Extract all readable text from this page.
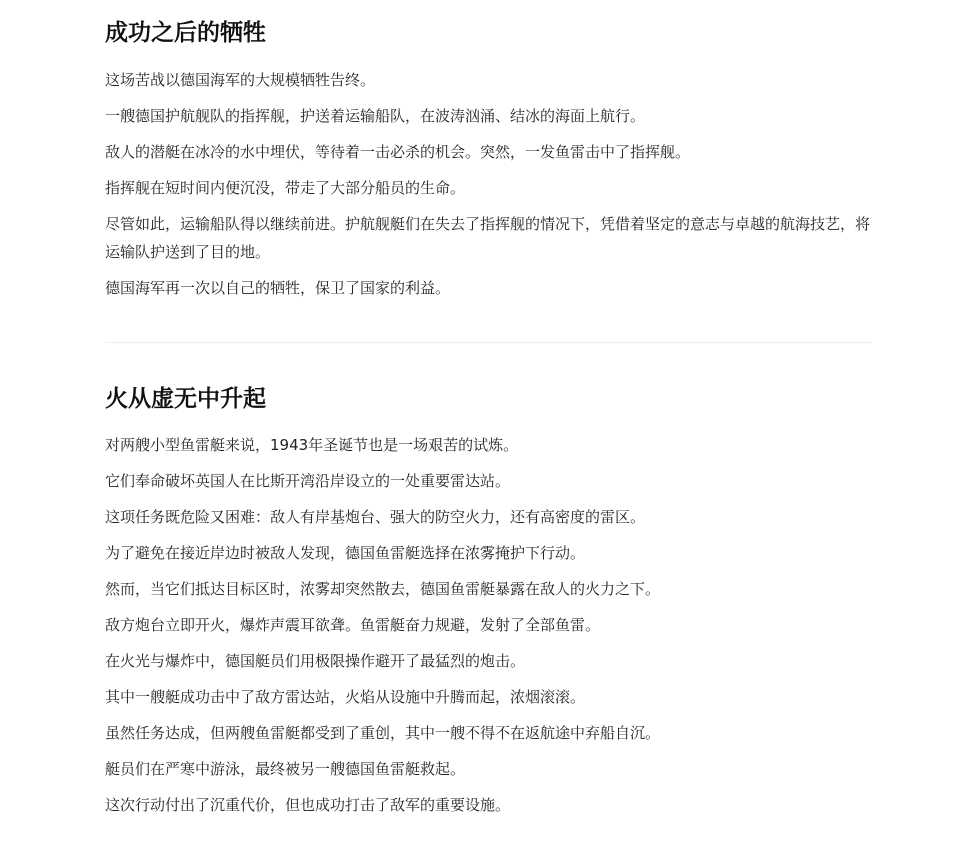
成功之后的牺牲

这场苦战以德国海军的大规模牺牲告终。

一艘德国护航舰队的指挥舰，护送着运输船队，在波涛汹涌、结冰的海面上航行。

敌人的潜艇在冰冷的水中埋伏，等待着一击必杀的机会。突然，一发鱼雷击中了指挥舰。

指挥舰在短时间内便沉没，带走了大部分船员的生命。

尽管如此，运输船队得以继续前进。护航舰艇们在失去了指挥舰的情况下，凭借着坚定的意志与卓越的航海技艺，将运输队护送到了目的地。

德国海军再一次以自己的牺牲，保卫了国家的利益。

火从虚无中升起

对两艘小型鱼雷艇来说，1943年圣诞节也是一场艰苦的试炼。

它们奉命破坏英国人在比斯开湾沿岸设立的一处重要雷达站。

这项任务既危险又困难：敌人有岸基炮台、强大的防空火力，还有高密度的雷区。

为了避免在接近岸边时被敌人发现，德国鱼雷艇选择在浓雾掩护下行动。

然而，当它们抵达目标区时，浓雾却突然散去，德国鱼雷艇暴露在敌人的火力之下。

敌方炮台立即开火，爆炸声震耳欲聋。鱼雷艇奋力规避，发射了全部鱼雷。

在火光与爆炸中，德国艇员们用极限操作避开了最猛烈的炮击。

其中一艘艇成功击中了敌方雷达站，火焰从设施中升腾而起，浓烟滚滚。

虽然任务达成，但两艘鱼雷艇都受到了重创，其中一艘不得不在返航途中弃船自沉。

艇员们在严寒中游泳，最终被另一艘德国鱼雷艇救起。

这次行动付出了沉重代价，但也成功打击了敌军的重要设施。
